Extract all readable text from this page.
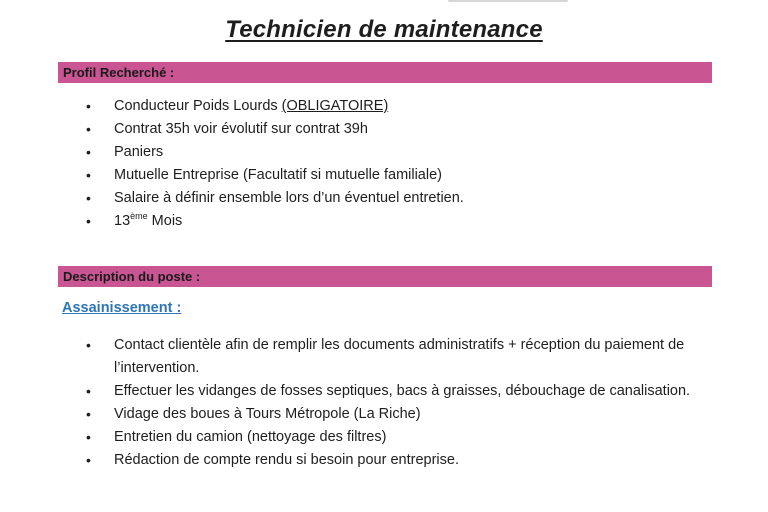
Technicien de maintenance
Profil Recherché :
• Conducteur Poids Lourds (OBLIGATOIRE)
• Contrat 35h voir évolutif sur contrat 39h
• Paniers
• Mutuelle Entreprise (Facultatif si mutuelle familiale)
• Salaire à définir ensemble lors d’un éventuel entretien.
• 13ème Mois
Description du poste :
Assainissement :
• Contact clientèle afin de remplir les documents administratifs + réception du paiement de l’intervention.
• Effectuer les vidanges de fosses septiques, bacs à graisses, débouchage de canalisation.
• Vidage des boues à Tours Métropole (La Riche)
• Entretien du camion (nettoyage des filtres)
• Rédaction de compte rendu si besoin pour entreprise.
